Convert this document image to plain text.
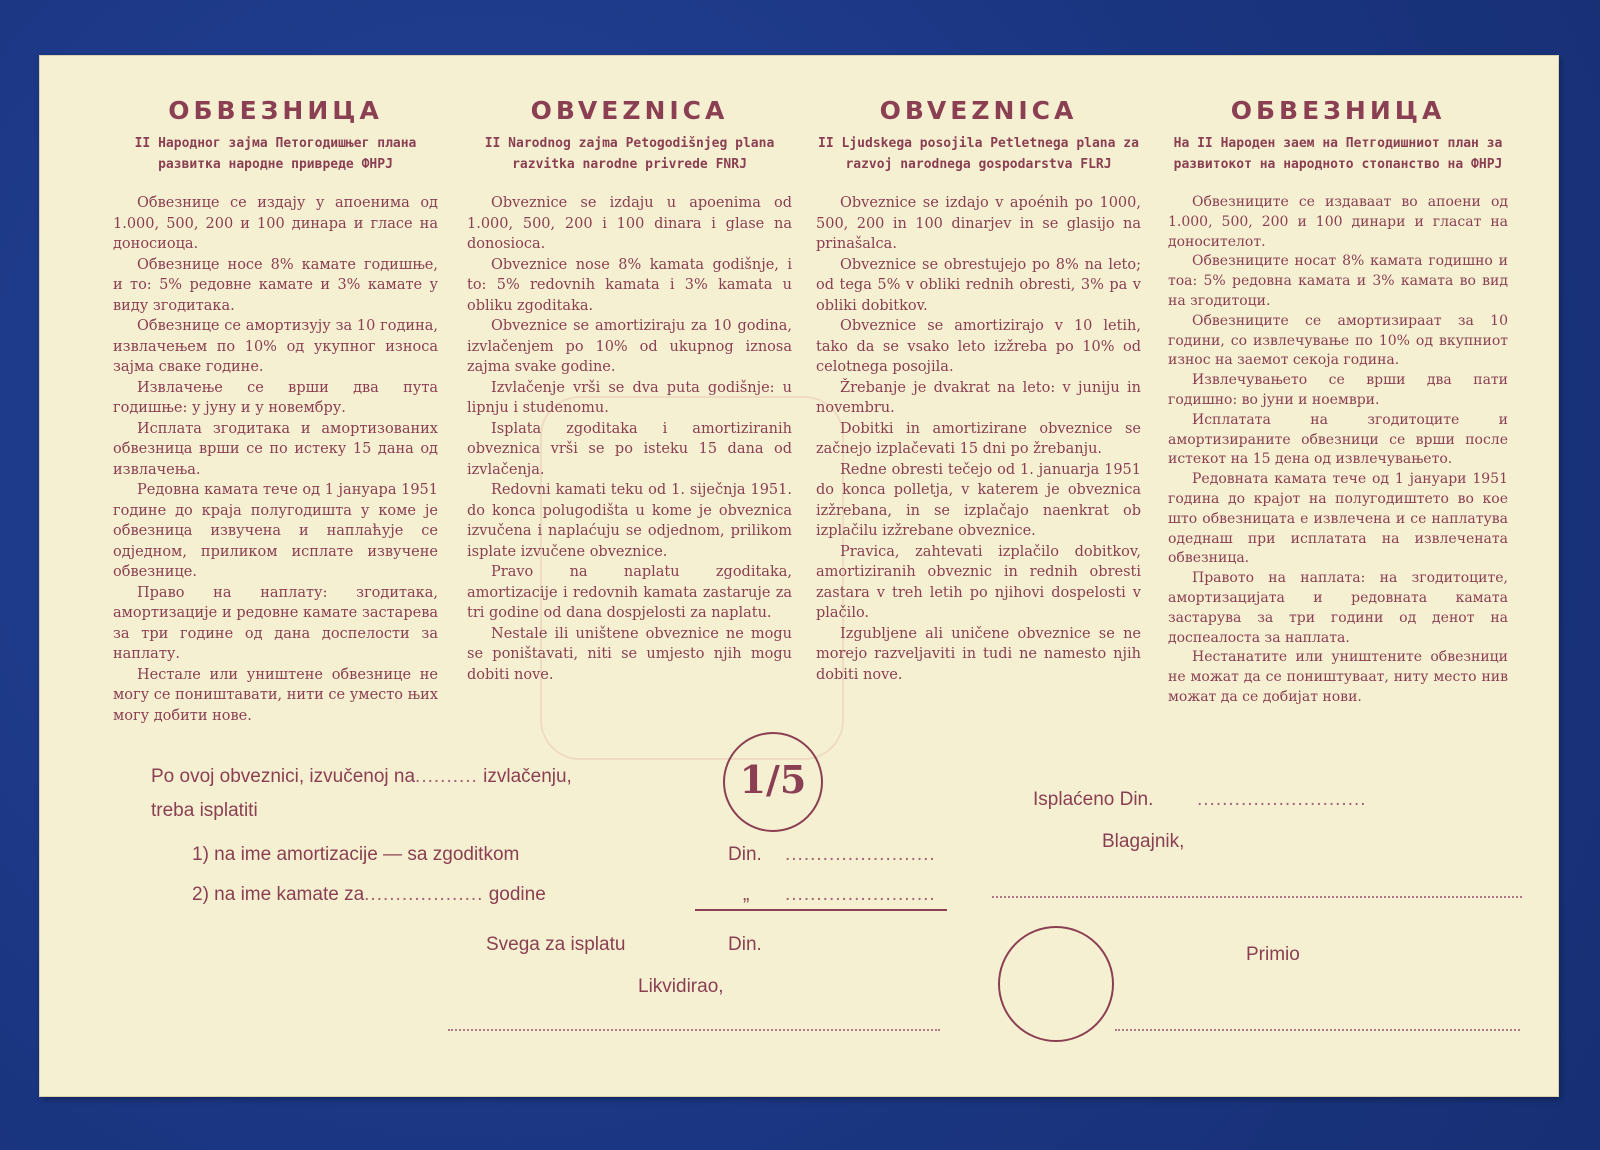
ОБВЕЗНИЦА
II Народног зајма Петогодишњег плана развитка народне привреде ФНРЈ

Обвезнице се издају у апоенима од 1.000, 500, 200 и 100 динара и гласе на доносиоца.

Обвезнице носе 8% камате годишње, и то: 5% редовне камате и 3% камате у виду згодитака.

Обвезнице се амортизују за 10 година, извлачењем по 10% од укупног износа зајма сваке године.

Извлачење се врши два пута годишње: у јуну и у новембру.

Исплата згодитака и амортизованих обвезница врши се по истеку 15 дана од извлачења.

Редовна камата тече од 1 јануара 1951 године до краја полугодишта у коме је обвезница извучена и наплаћује се одједном, приликом исплате извучене обвезнице.

Право на наплату: згодитака, амортизације и редовне камате застарева за три године од дана доспелости за наплату.

Нестале или уништене обвезнице не могу се поништавати, нити се уместо њих могу добити нове.

OBVEZNICA
II Narodnog zajma Petogodišnjeg plana razvitka narodne privrede FNRJ

Obveznice se izdaju u apoenima od 1.000, 500, 200 i 100 dinara i glase na donosioca.

Obveznice nose 8% kamata godišnje, i to: 5% redovnih kamata i 3% kamata u obliku zgoditaka.

Obveznice se amortiziraju za 10 godina, izvlačenjem po 10% od ukupnog iznosa zajma svake godine.

Izvlačenje vrši se dva puta godišnje: u lipnju i studenomu.

Isplata zgoditaka i amortiziranih obveznica vrši se po isteku 15 dana od izvlačenja.

Redovni kamati teku od 1. siječnja 1951. do konca polugodišta u kome je obveznica izvučena i naplaćuju se odjednom, prilikom isplate izvučene obveznice.

Pravo na naplatu zgoditaka, amortizacije i redovnih kamata zastaruje za tri godine od dana dospjelosti za naplatu.

Nestale ili uništene obveznice ne mogu se poništavati, niti se umjesto njih mogu dobiti nove.

OBVEZNICA
II Ljudskega posojila Petletnega plana za razvoj narodnega gospodarstva FLRJ

Obveznice se izdajo v apoénih po 1000, 500, 200 in 100 dinarjev in se glasijo na prinašalca.

Obveznice se obrestujejo po 8% na leto; od tega 5% v obliki rednih obresti, 3% pa v obliki dobitkov.

Obveznice se amortizirajo v 10 letih, tako da se vsako leto izžreba po 10% od celotnega posojila.

Žrebanje je dvakrat na leto: v juniju in novembru.

Dobitki in amortizirane obveznice se začnejo izplačevati 15 dni po žrebanju.

Redne obresti tečejo od 1. januarja 1951 do konca polletja, v katerem je obveznica izžrebana, in se izplačajo naenkrat ob izplačilu izžrebane obveznice.

Pravica, zahtevati izplačilo dobitkov, amortiziranih obveznic in rednih obresti zastara v treh letih po njihovi dospelosti v plačilo.

Izgubljene ali uničene obveznice se ne morejo razveljaviti in tudi ne namesto njih dobiti nove.

ОБВЕЗНИЦА
На II Народен заем на Петгодишниот план за развитокот на народното стопанство на ФНРЈ

Обвезниците се издаваат во апоени од 1.000, 500, 200 и 100 динари и гласат на доносителот.

Обвезниците носат 8% камата годишно и тоа: 5% редовна камата и 3% камата во вид на згодитоци.

Обвезниците се амортизираат за 10 години, со извлечување по 10% од вкупниот износ на заемот секоја година.

Извлечувањето се врши два пати годишно: во јуни и ноември.

Исплатата на згодитоците и амортизираните обвезници се врши после истекот на 15 дена од извлечувањето.

Редовната камата тече од 1 јануари 1951 година до крајот на полугодиштето во кое што обвезницата е извлечена и се наплатува одеднаш при исплатата на извлечената обвезница.

Правото на наплата: на згодитоците, амортизацијата и редовната камата застарува за три години од денот на доспеалоста за наплата.

Нестанатите или уништените обвезници не можат да се поништуваат, ниту место нив можат да се добијат нови.

1/5
Po ovoj obveznici, izvučenoj na.......... izvlačenju,
treba isplatiti
1) na ime amortizacije — sa zgoditkom	Din. ........................
2) na ime kamate za................... godine	„ ........................
Svega za isplatu	Din.
Likvidirao,
Isplaćeno Din. ...........................
Blagajnik,
Primio
